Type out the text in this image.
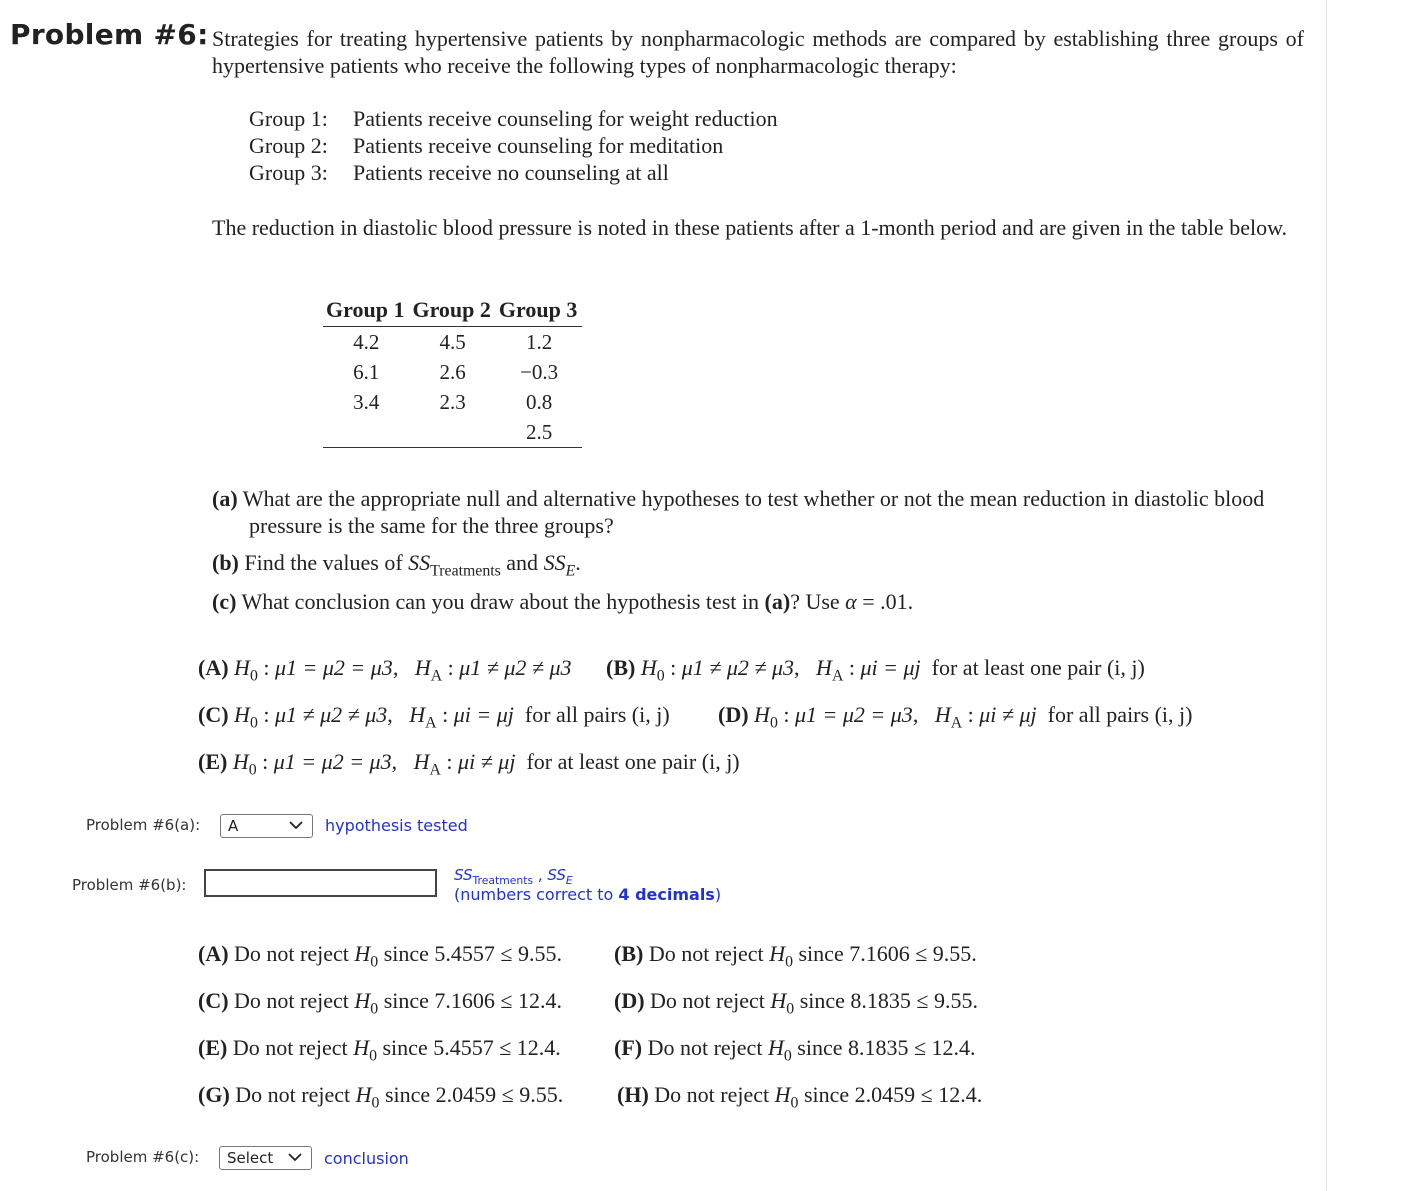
Problem #6: Strategies for treating hypertensive patients by nonpharmacologic methods are compared by establishing three groups of hypertensive patients who receive the following types of nonpharmacologic therapy:
Group 1:	Patients receive counseling for weight reduction
Group 2:	Patients receive counseling for meditation
Group 3:	Patients receive no counseling at all
The reduction in diastolic blood pressure is noted in these patients after a 1-month period and are given in the table below.
Group 1	Group 2	Group 3
4.2	4.5	1.2
6.1	2.6	−0.3
3.4	2.3	0.8
		2.5
(a) What are the appropriate null and alternative hypotheses to test whether or not the mean reduction in diastolic blood pressure is the same for the three groups?
(b) Find the values of $SS_{Treatments}$ and $SS_E$.
(c) What conclusion can you draw about the hypothesis test in (a)? Use α = .01.
(A) $H_0$ : μ1 = μ2 = μ3,   $H_A$ : μ1 ≠ μ2 ≠ μ3 (B) $H_0$ : μ1 ≠ μ2 ≠ μ3,   $H_A$ : μi = μj for at least one pair (i, j)
(C) $H_0$ : μ1 ≠ μ2 ≠ μ3,   $H_A$ : μi = μj for all pairs (i, j) (D) $H_0$ : μ1 = μ2 = μ3,   $H_A$ : μi ≠ μj for all pairs (i, j)
(E) $H_0$ : μ1 = μ2 = μ3,   $H_A$ : μi ≠ μj for at least one pair (i, j)
Problem #6(a):	A	hypothesis tested
Problem #6(b):
$SS_{Treatments}$ , $SS_E$
(numbers correct to 4 decimals)
(A) Do not reject $H_0$ since 5.4557 ≤ 9.55. (B) Do not reject $H_0$ since 7.1606 ≤ 9.55.
(C) Do not reject $H_0$ since 7.1606 ≤ 12.4. (D) Do not reject $H_0$ since 8.1835 ≤ 9.55.
(E) Do not reject $H_0$ since 5.4557 ≤ 12.4. (F) Do not reject $H_0$ since 8.1835 ≤ 12.4.
(G) Do not reject $H_0$ since 2.0459 ≤ 9.55. (H) Do not reject $H_0$ since 2.0459 ≤ 12.4.
Problem #6(c):	Select	conclusion
